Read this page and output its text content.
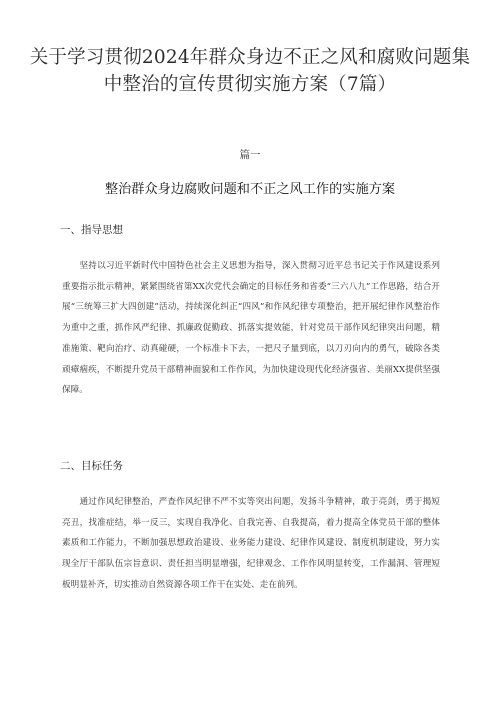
关于学习贯彻2024年群众身边不正之风和腐败问题集中整治的宣传贯彻实施方案（7篇）
篇一
整治群众身边腐败问题和不正之风工作的实施方案
一、指导思想

坚持以习近平新时代中国特色社会主义思想为指导，深入贯彻习近平总书记关于作风建设系列重要指示批示精神，紧紧围绕省第XX次党代会确定的目标任务和省委“三六八九”工作思路，结合开展“三统筹三扩大四创建”活动，持续深化纠正“四风”和作风纪律专项整治，把开展纪律作风整治作为重中之重，抓作风严纪律、抓廉政促勤政、抓落实提效能，针对党员干部作风纪律突出问题，精准施策、靶向治疗、动真碰硬，一个标准卡下去，一把尺子量到底，以刀刃向内的勇气，破除各类顽瘴痼疾，不断提升党员干部精神面貌和工作作风，为加快建设现代化经济强省、美丽XX提供坚强保障。

二、目标任务

通过作风纪律整治，严查作风纪律不严不实等突出问题，发扬斗争精神，敢于亮剑，勇于揭短亮丑，找准症结，举一反三，实现自我净化、自我完善、自我提高，着力提高全体党员干部的整体素质和工作能力，不断加强思想政治建设、业务能力建设、纪律作风建设、制度机制建设，努力实现全厅干部队伍宗旨意识、责任担当明显增强，纪律观念、工作作风明显转变，工作漏洞、管理短板明显补齐，切实推动自然资源各项工作干在实处、走在前列。
